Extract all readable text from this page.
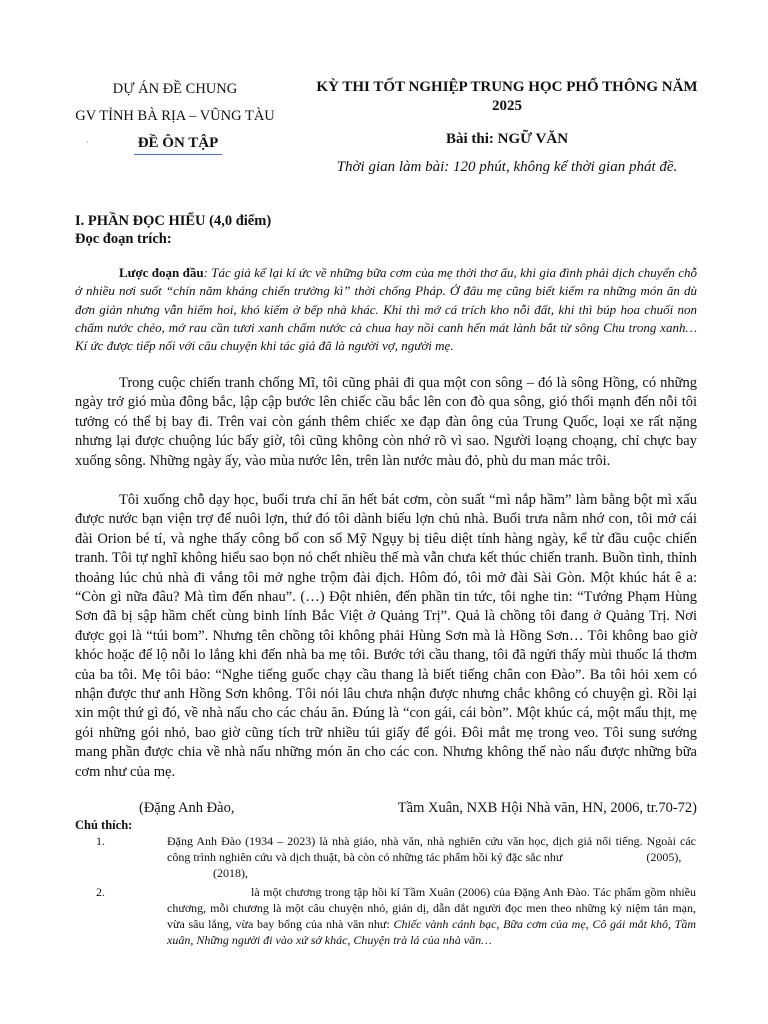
DỰ ÁN ĐỀ CHUNG
GV TỈNH BÀ RỊA – VŨNG TÀU
ĐỀ ÔN TẬP
·
KỲ THI TỐT NGHIỆP TRUNG HỌC PHỔ THÔNG NĂM 2025
Bài thi: NGỮ VĂN
Thời gian làm bài: 120 phút, không kể thời gian phát đề.
I. PHẦN ĐỌC HIỂU (4,0 điểm)
Đọc đoạn trích:
Lược đoạn đầu: Tác giả kể lại kí ức về những bữa cơm của mẹ thời thơ ấu, khi gia đình phải dịch chuyển chỗ ở nhiều nơi suốt “chín năm kháng chiến trường kì” thời chống Pháp. Ở đâu mẹ cũng biết kiếm ra những món ăn dù đơn giản nhưng vẫn hiếm hoi, khó kiếm ở bếp nhà khác. Khi thì mớ cá trích kho nỗi đất, khi thì búp hoa chuối non chấm nước chẻo, mớ rau cần tươi xanh chấm nước cà chua hay nồi canh hến mát lành bắt từ sông Chu trong xanh… Kí ức được tiếp nối với câu chuyện khi tác giả đã là người vợ, người mẹ.
Trong cuộc chiến tranh chống Mĩ, tôi cũng phải đi qua một con sông – đó là sông Hồng, có những ngày trở gió mùa đông bắc, lập cập bước lên chiếc cầu bắc lên con đò qua sông, gió thổi mạnh đến nỗi tôi tưởng có thể bị bay đi. Trên vai còn gánh thêm chiếc xe đạp đàn ông của Trung Quốc, loại xe rất nặng nhưng lại được chuộng lúc bấy giờ, tôi cũng không còn nhớ rõ vì sao. Người loạng choạng, chỉ chực bay xuống sông. Những ngày ấy, vào mùa nước lên, trên làn nước màu đỏ, phù du man mác trôi.
Tôi xuống chỗ dạy học, buổi trưa chỉ ăn hết bát cơm, còn suất “mì nắp hầm” làm bằng bột mì xấu được nước bạn viện trợ để nuôi lợn, thứ đó tôi dành biếu lợn chủ nhà. Buổi trưa nằm nhớ con, tôi mở cái đài Orion bé tí, và nghe thấy công bố con số Mỹ Ngụy bị tiêu diệt tính hàng ngày, kể từ đầu cuộc chiến tranh. Tôi tự nghĩ không hiểu sao bọn nó chết nhiều thế mà vẫn chưa kết thúc chiến tranh. Buồn tình, thỉnh thoảng lúc chủ nhà đi vắng tôi mở nghe trộm đài địch. Hôm đó, tôi mở đài Sài Gòn. Một khúc hát ê a: “Còn gì nữa đâu? Mà tìm đến nhau”. (…) Đột nhiên, đến phần tin tức, tôi nghe tin: “Tướng Phạm Hùng Sơn đã bị sập hầm chết cùng binh lính Bắc Việt ở Quảng Trị”. Quả là chồng tôi đang ở Quảng Trị. Nơi được gọi là “túi bom”. Nhưng tên chồng tôi không phải Hùng Sơn mà là Hồng Sơn… Tôi không bao giờ khóc hoặc để lộ nỗi lo lắng khi đến nhà ba mẹ tôi. Bước tới cầu thang, tôi đã ngửi thấy mùi thuốc lá thơm của ba tôi. Mẹ tôi bảo: “Nghe tiếng guốc chạy cầu thang là biết tiếng chân con Đào”. Ba tôi hỏi xem có nhận được thư anh Hồng Sơn không. Tôi nói lâu chưa nhận được nhưng chắc không có chuyện gì. Rồi lại xin một thứ gì đó, về nhà nấu cho các cháu ăn. Đúng là “con gái, cái bòn”. Một khúc cá, một mẩu thịt, mẹ gói những gói nhỏ, bao giờ cũng tích trữ nhiều túi giấy để gói. Đôi mắt mẹ trong veo. Tôi sung sướng mang phần được chia về nhà nấu những món ăn cho các con. Nhưng không thể nào nấu được những bữa cơm như của mẹ.
(Đặng Anh Đào,	Tầm Xuân, NXB Hội Nhà văn, HN, 2006, tr.70-72)
Chú thích:
1.	Đặng Anh Đào (1934 – 2023) là nhà giáo, nhà văn, nhà nghiên cứu văn học, dịch giả nổi tiếng. Ngoài các công trình nghiên cứu và dịch thuật, bà còn có những tác phẩm hồi ký đặc sắc như	(2005),
(2018),
2.	là một chương trong tập hồi kí Tầm Xuân (2006) của Đặng Anh Đào. Tác phẩm gồm nhiều chương, mỗi chương là một câu chuyện nhỏ, giản dị, dẫn dắt người đọc men theo những kỷ niệm tản mạn, vừa sâu lắng, vừa bay bổng của nhà văn như: Chiếc vành cánh bạc, Bữa cơm của mẹ, Cô gái mắt khô, Tầm xuân, Những người đi vào xứ sở khác, Chuyện trà lá của nhà văn…
